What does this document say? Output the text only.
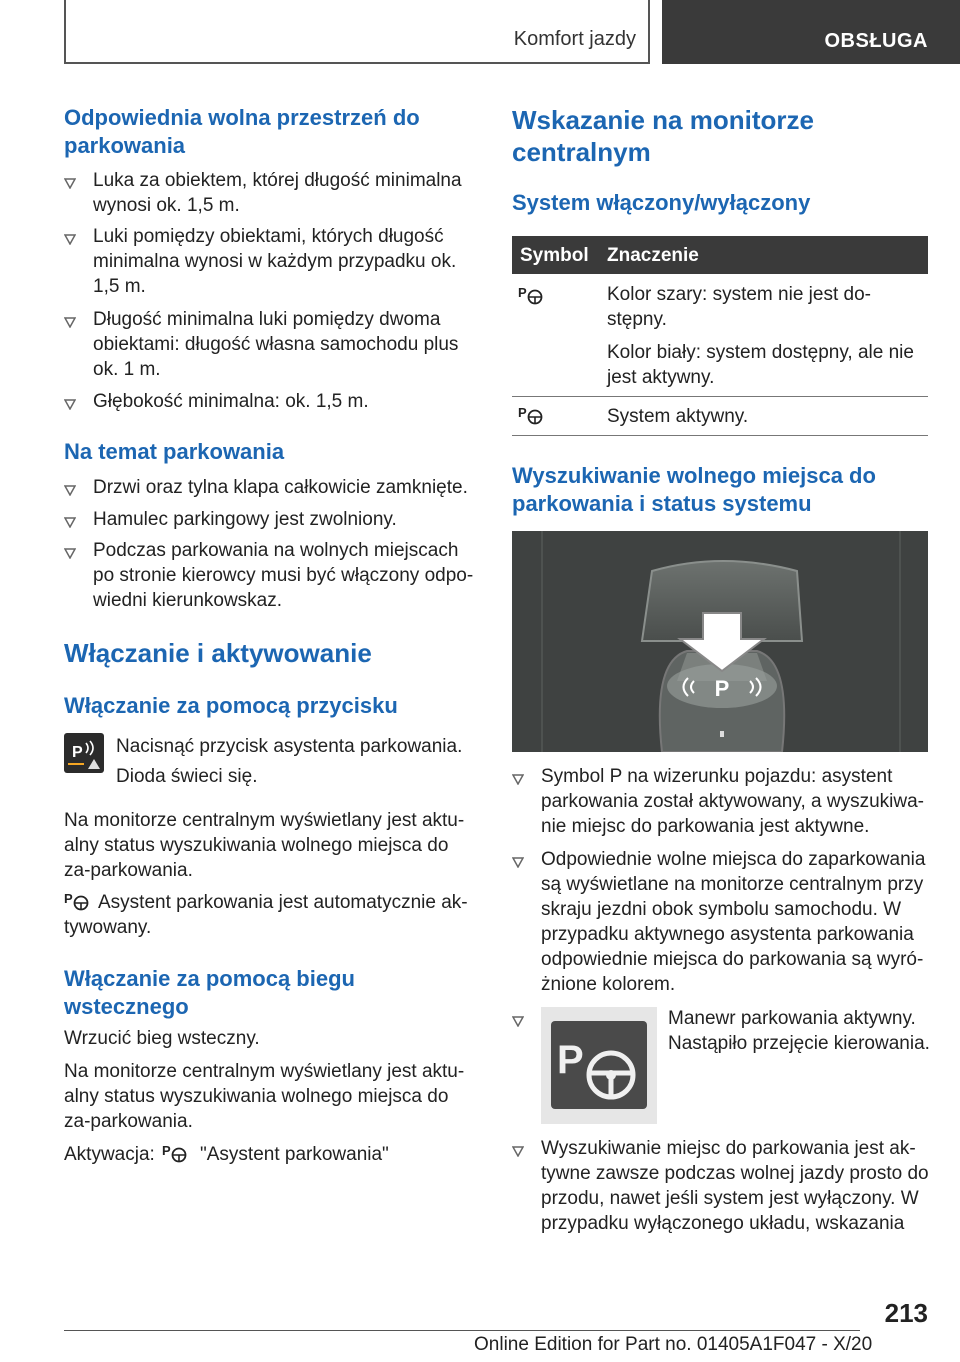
Komfort jazdy	OBSŁUGA
Odpowiednia wolna przestrzeń do parkowania
Luka za obiektem, której długość minimalna wynosi ok. 1,5 m.
Luki pomiędzy obiektami, których długość minimalna wynosi w każdym przypadku ok. 1,5 m.
Długość minimalna luki pomiędzy dwoma obiektami: długość własna samochodu plus ok. 1 m.
Głębokość minimalna: ok. 1,5 m.
Na temat parkowania
Drzwi oraz tylna klapa całkowicie zamknięte.
Hamulec parkingowy jest zwolniony.
Podczas parkowania na wolnych miejscach po stronie kierowcy musi być włączony odpo-wiedni kierunkowskaz.
Włączanie i aktywowanie
Włączanie za pomocą przycisku
P Nacisnąć przycisk asystenta parkowania.
Dioda świeci się.
Na monitorze centralnym wyświetlany jest aktu-alny status wyszukiwania wolnego miejsca do za-parkowania.
P	Asystent parkowania jest automatycznie ak-tywowany.
Włączanie za pomocą biegu wstecznego
Wrzucić bieg wsteczny.
Na monitorze centralnym wyświetlany jest aktu-alny status wyszukiwania wolnego miejsca do za-parkowania.
Aktywacja: P "Asystent parkowania"
Wskazanie na monitorze centralnym
System włączony/wyłączony
Symbol Znaczenie
P	Kolor szary: system nie jest do-stępny.
Kolor biały: system dostępny, ale nie jest aktywny.
P	System aktywny.
Wyszukiwanie wolnego miejsca do parkowania i status systemu
P
Symbol P na wizerunku pojazdu: asystent parkowania został aktywowany, a wyszukiwa-nie miejsc do parkowania jest aktywne.
Odpowiednie wolne miejsca do zaparkowania są wyświetlane na monitorze centralnym przy skraju jezdni obok symbolu samochodu. W przypadku aktywnego asystenta parkowania odpowiednie miejsca do parkowania są wyró-żnione kolorem.
P
Manewr parkowania aktywny. Nastąpiło przejęcie kierowania.
Wyszukiwanie miejsc do parkowania jest ak-tywne zawsze podczas wolnej jazdy prosto do przodu, nawet jeśli system jest wyłączony. W przypadku wyłączonego układu, wskazania
213
Online Edition for Part no. 01405A1F047 - X/20
